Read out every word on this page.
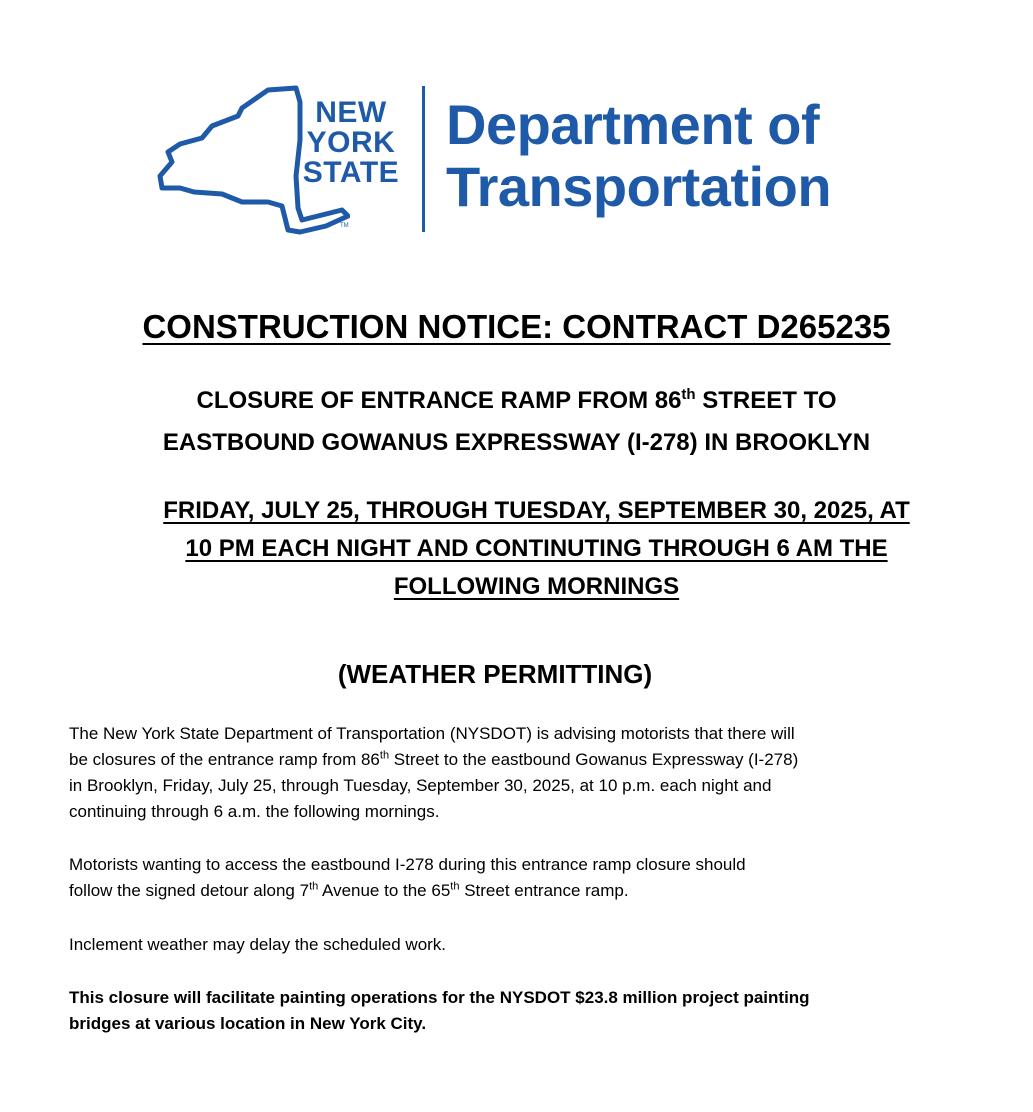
NEW
YORK
STATE
TM
Department of
Transportation
CONSTRUCTION NOTICE: CONTRACT D265235
CLOSURE OF ENTRANCE RAMP FROM 86th STREET TO
EASTBOUND GOWANUS EXPRESSWAY (I-278) IN BROOKLYN
FRIDAY, JULY 25, THROUGH TUESDAY, SEPTEMBER 30, 2025, AT
10 PM EACH NIGHT AND CONTINUTING THROUGH 6 AM THE
FOLLOWING MORNINGS
(WEATHER PERMITTING)
The New York State Department of Transportation (NYSDOT) is advising motorists that there will
be closures of the entrance ramp from 86th Street to the eastbound Gowanus Expressway (I-278)
in Brooklyn, Friday, July 25, through Tuesday, September 30, 2025, at 10 p.m. each night and
continuing through 6 a.m. the following mornings.
Motorists wanting to access the eastbound I-278 during this entrance ramp closure should
follow the signed detour along 7th Avenue to the 65th Street entrance ramp.
Inclement weather may delay the scheduled work.
This closure will facilitate painting operations for the NYSDOT $23.8 million project painting
bridges at various location in New York City.
